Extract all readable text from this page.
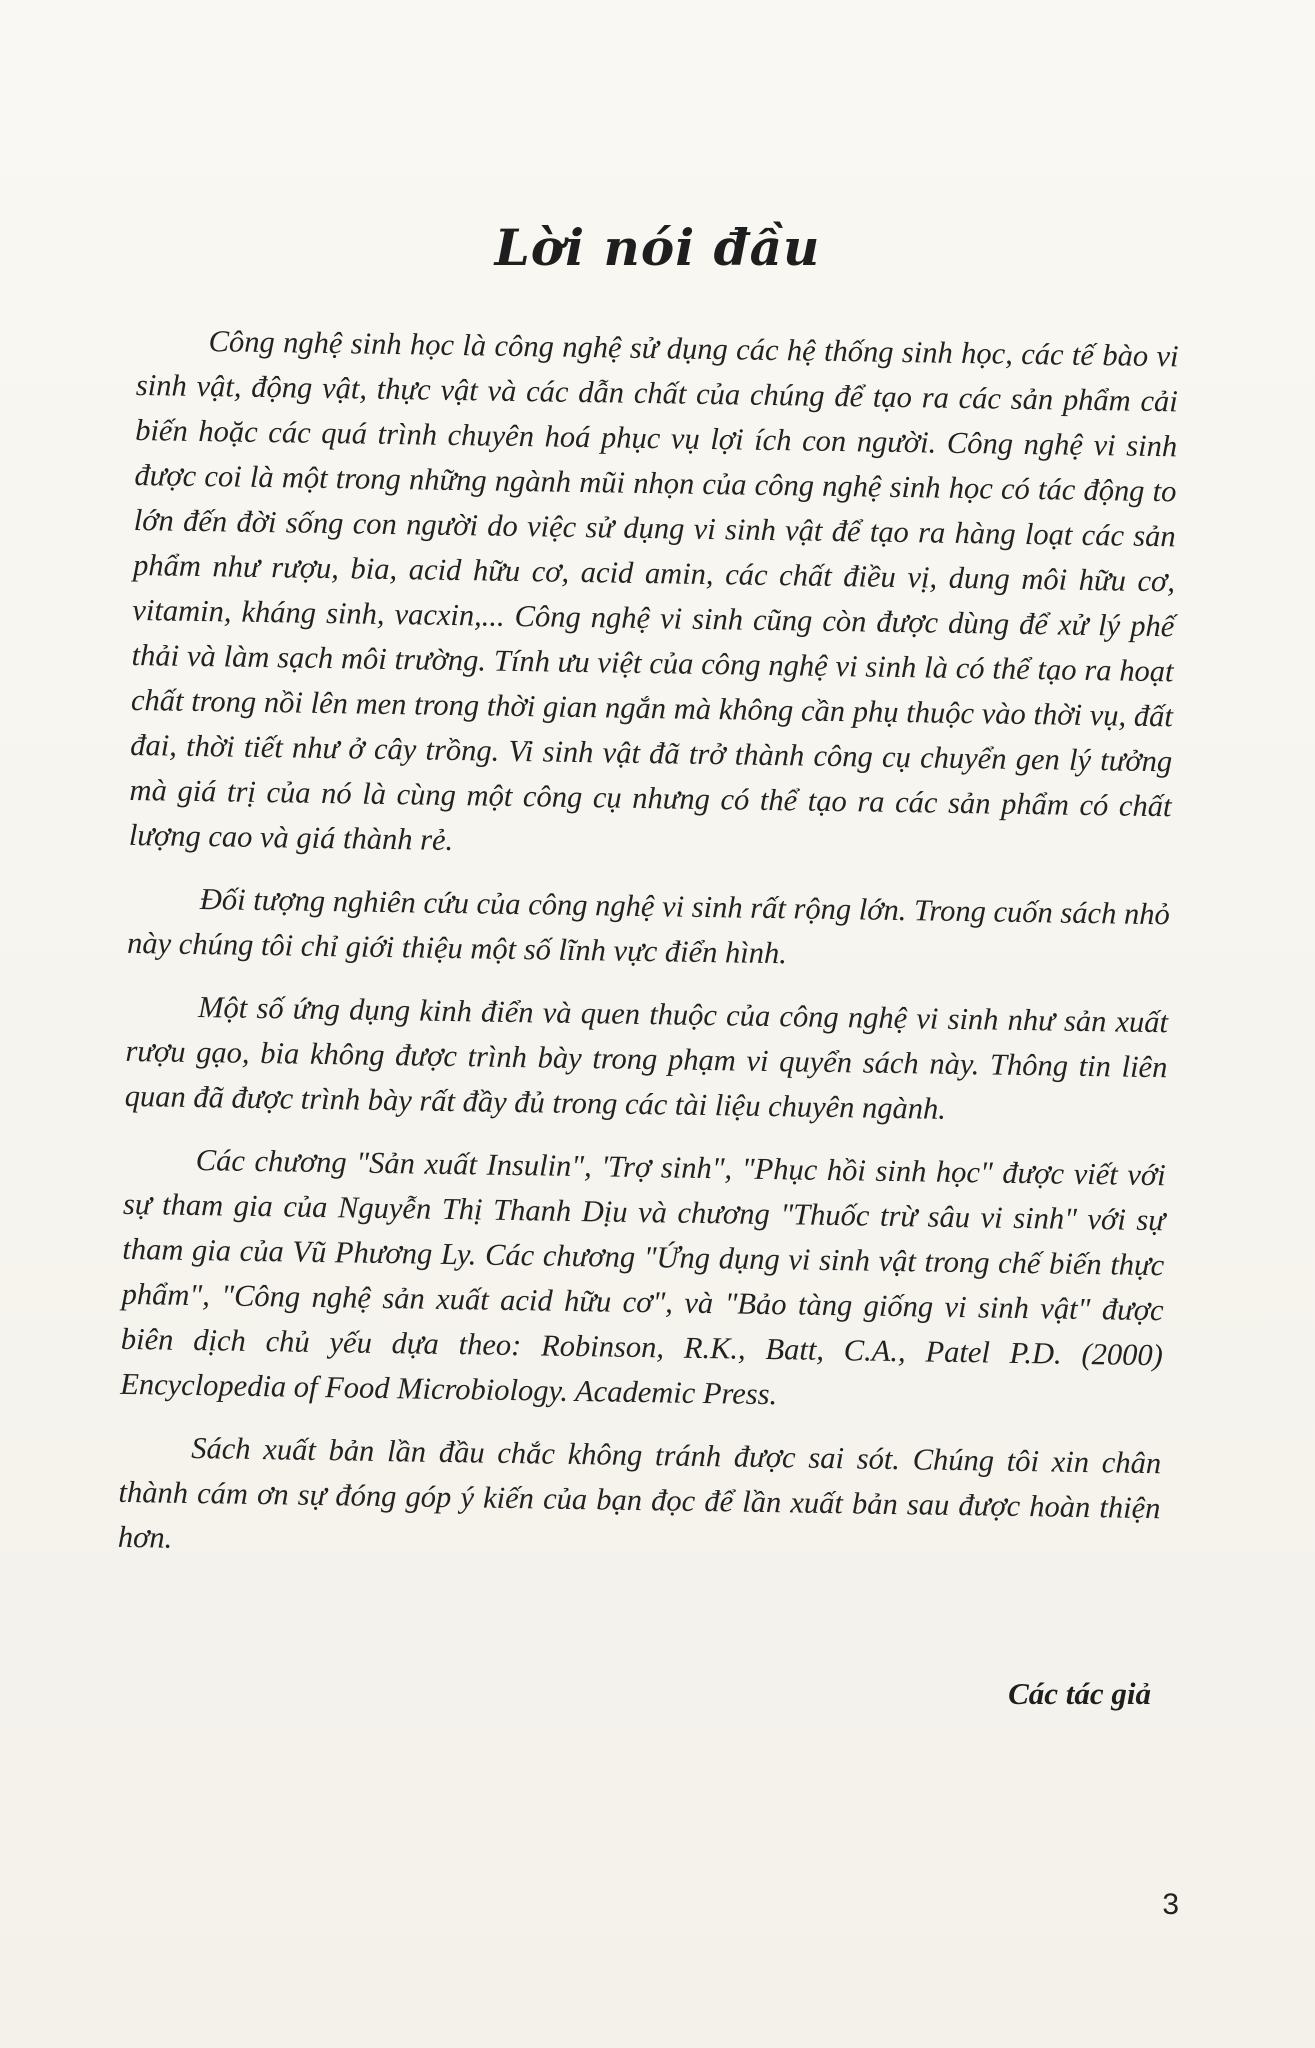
Lời nói đầu

Công nghệ sinh học là công nghệ sử dụng các hệ thống sinh học, các tế bào vi sinh vật, động vật, thực vật và các dẫn chất của chúng để tạo ra các sản phẩm cải biến hoặc các quá trình chuyên hoá phục vụ lợi ích con người. Công nghệ vi sinh được coi là một trong những ngành mũi nhọn của công nghệ sinh học có tác động to lớn đến đời sống con người do việc sử dụng vi sinh vật để tạo ra hàng loạt các sản phẩm như rượu, bia, acid hữu cơ, acid amin, các chất điều vị, dung môi hữu cơ, vitamin, kháng sinh, vacxin,... Công nghệ vi sinh cũng còn được dùng để xử lý phế thải và làm sạch môi trường. Tính ưu việt của công nghệ vi sinh là có thể tạo ra hoạt chất trong nồi lên men trong thời gian ngắn mà không cần phụ thuộc vào thời vụ, đất đai, thời tiết như ở cây trồng. Vi sinh vật đã trở thành công cụ chuyển gen lý tưởng mà giá trị của nó là cùng một công cụ nhưng có thể tạo ra các sản phẩm có chất lượng cao và giá thành rẻ.

Đối tượng nghiên cứu của công nghệ vi sinh rất rộng lớn. Trong cuốn sách nhỏ này chúng tôi chỉ giới thiệu một số lĩnh vực điển hình.

Một số ứng dụng kinh điển và quen thuộc của công nghệ vi sinh như sản xuất rượu gạo, bia không được trình bày trong phạm vi quyển sách này. Thông tin liên quan đã được trình bày rất đầy đủ trong các tài liệu chuyên ngành.

Các chương "Sản xuất Insulin", 'Trợ sinh", "Phục hồi sinh học" được viết với sự tham gia của Nguyễn Thị Thanh Dịu và chương "Thuốc trừ sâu vi sinh" với sự tham gia của Vũ Phương Ly. Các chương "Ứng dụng vi sinh vật trong chế biến thực phẩm", "Công nghệ sản xuất acid hữu cơ", và "Bảo tàng giống vi sinh vật" được biên dịch chủ yếu dựa theo: Robinson, R.K., Batt, C.A., Patel P.D. (2000) Encyclopedia of Food Microbiology. Academic Press.

Sách xuất bản lần đầu chắc không tránh được sai sót. Chúng tôi xin chân thành cám ơn sự đóng góp ý kiến của bạn đọc để lần xuất bản sau được hoàn thiện hơn.

Các tác giả
3
